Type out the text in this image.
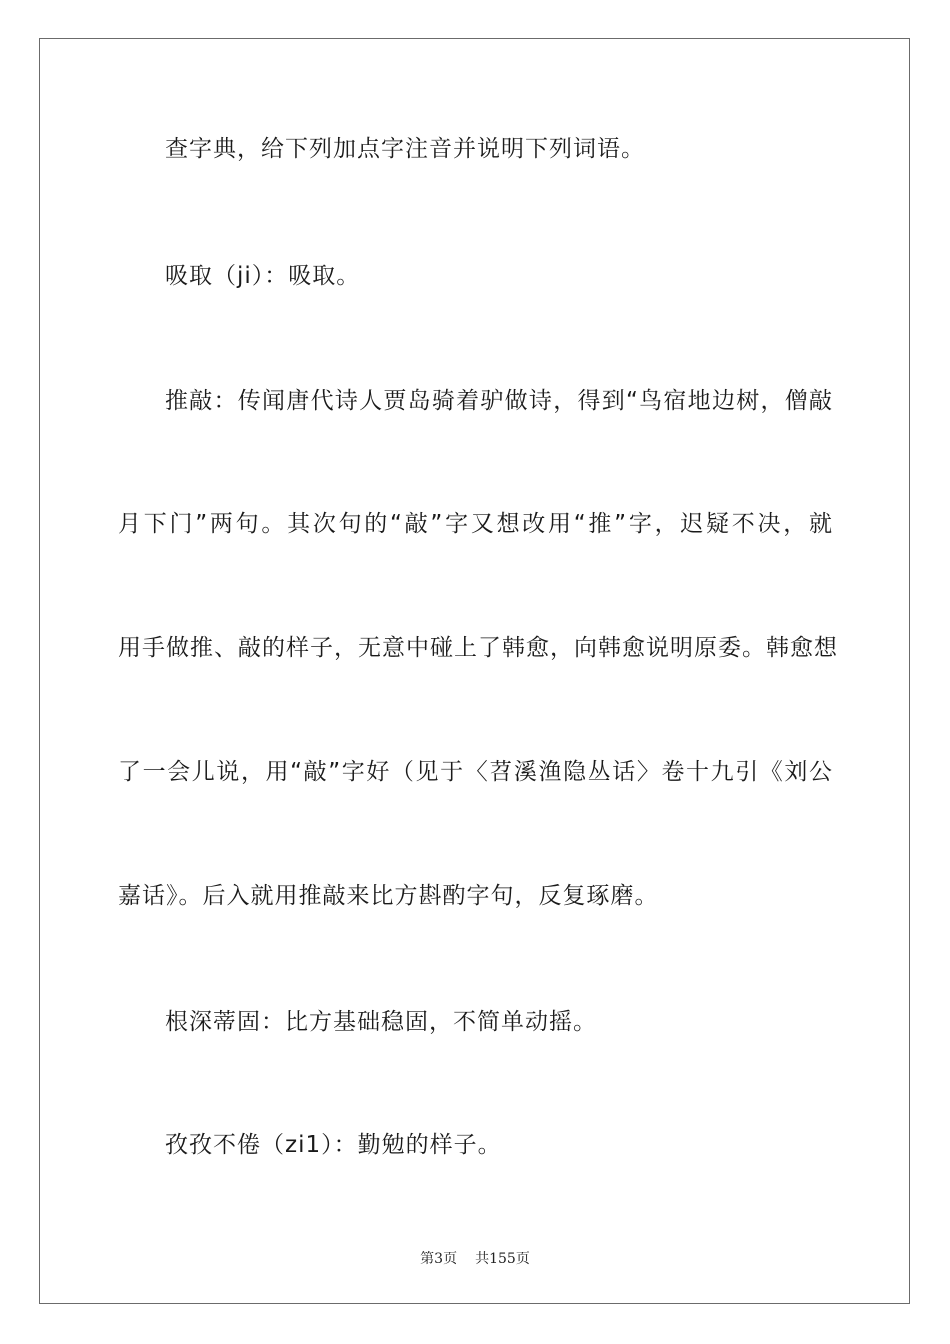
查字典，给下列加点字注音并说明下列词语。

吸取（ji）：吸取。

推敲：传闻唐代诗人贾岛骑着驴做诗，得到“鸟宿地边树，僧敲

月下门”两句。其次句的“敲”字又想改用“推”字，迟疑不决，就

用手做推、敲的样子，无意中碰上了韩愈，向韩愈说明原委。韩愈想

了一会儿说，用“敲”字好（见于〈苕溪渔隐丛话〉卷十九引《刘公

嘉话》。后入就用推敲来比方斟酌字句，反复琢磨。

根深蒂固：比方基础稳固，不简单动摇。

孜孜不倦（zi1）：勤勉的样子。

第3页 共155页
